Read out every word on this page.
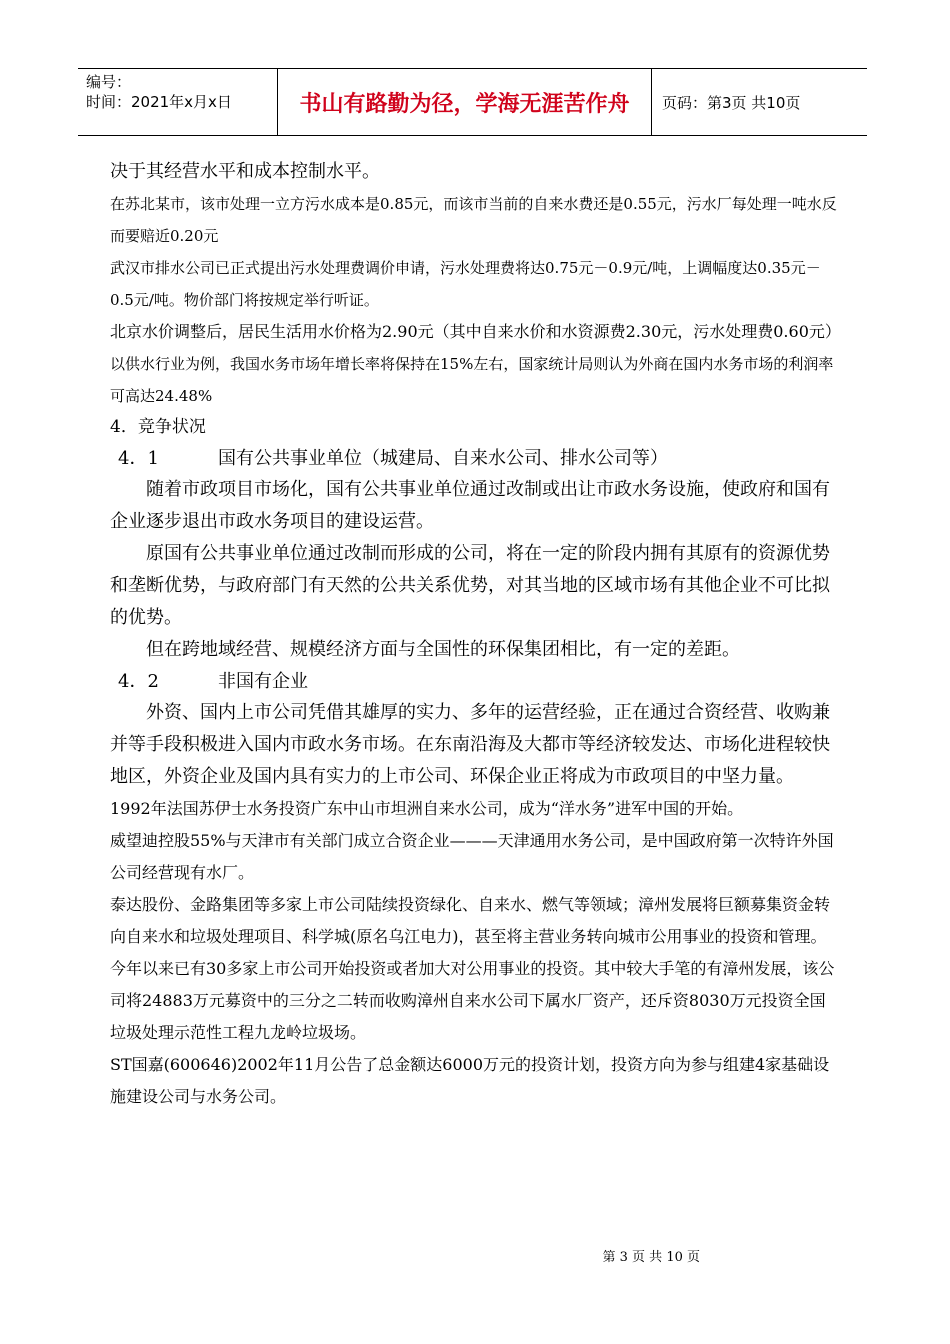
编号：
时间：2021年x月x日	书山有路勤为径，学海无涯苦作舟	页码：第3页 共10页

决于其经营水平和成本控制水平。

在苏北某市，该市处理一立方污水成本是0.85元，而该市当前的自来水费还是0.55元，污水厂每处理一吨水反而要赔近0.20元

武汉市排水公司已正式提出污水处理费调价申请，污水处理费将达0.75元－0.9元/吨，上调幅度达0.35元－0.5元/吨。物价部门将按规定举行听证。

北京水价调整后，居民生活用水价格为2.90元（其中自来水价和水资源费2.30元，污水处理费0.60元）

以供水行业为例，我国水务市场年增长率将保持在15%左右，国家统计局则认为外商在国内水务市场的利润率可高达24.48%

4．竞争状况

4．1	国有公共事业单位（城建局、自来水公司、排水公司等）

随着市政项目市场化，国有公共事业单位通过改制或出让市政水务设施，使政府和国有企业逐步退出市政水务项目的建设运营。

原国有公共事业单位通过改制而形成的公司，将在一定的阶段内拥有其原有的资源优势和垄断优势，与政府部门有天然的公共关系优势，对其当地的区域市场有其他企业不可比拟的优势。

但在跨地域经营、规模经济方面与全国性的环保集团相比，有一定的差距。

4．2	非国有企业

外资、国内上市公司凭借其雄厚的实力、多年的运营经验，正在通过合资经营、收购兼并等手段积极进入国内市政水务市场。在东南沿海及大都市等经济较发达、市场化进程较快地区，外资企业及国内具有实力的上市公司、环保企业正将成为市政项目的中坚力量。

1992年法国苏伊士水务投资广东中山市坦洲自来水公司，成为“洋水务”进军中国的开始。

威望迪控股55%与天津市有关部门成立合资企业———天津通用水务公司，是中国政府第一次特许外国公司经营现有水厂。

泰达股份、金路集团等多家上市公司陆续投资绿化、自来水、燃气等领域；漳州发展将巨额募集资金转向自来水和垃圾处理项目、科学城(原名乌江电力)，甚至将主营业务转向城市公用事业的投资和管理。

今年以来已有30多家上市公司开始投资或者加大对公用事业的投资。其中较大手笔的有漳州发展，该公司将24883万元募资中的三分之二转而收购漳州自来水公司下属水厂资产，还斥资8030万元投资全国垃圾处理示范性工程九龙岭垃圾场。

ST国嘉(600646)2002年11月公告了总金额达6000万元的投资计划，投资方向为参与组建4家基础设施建设公司与水务公司。

第 3 页 共 10 页
